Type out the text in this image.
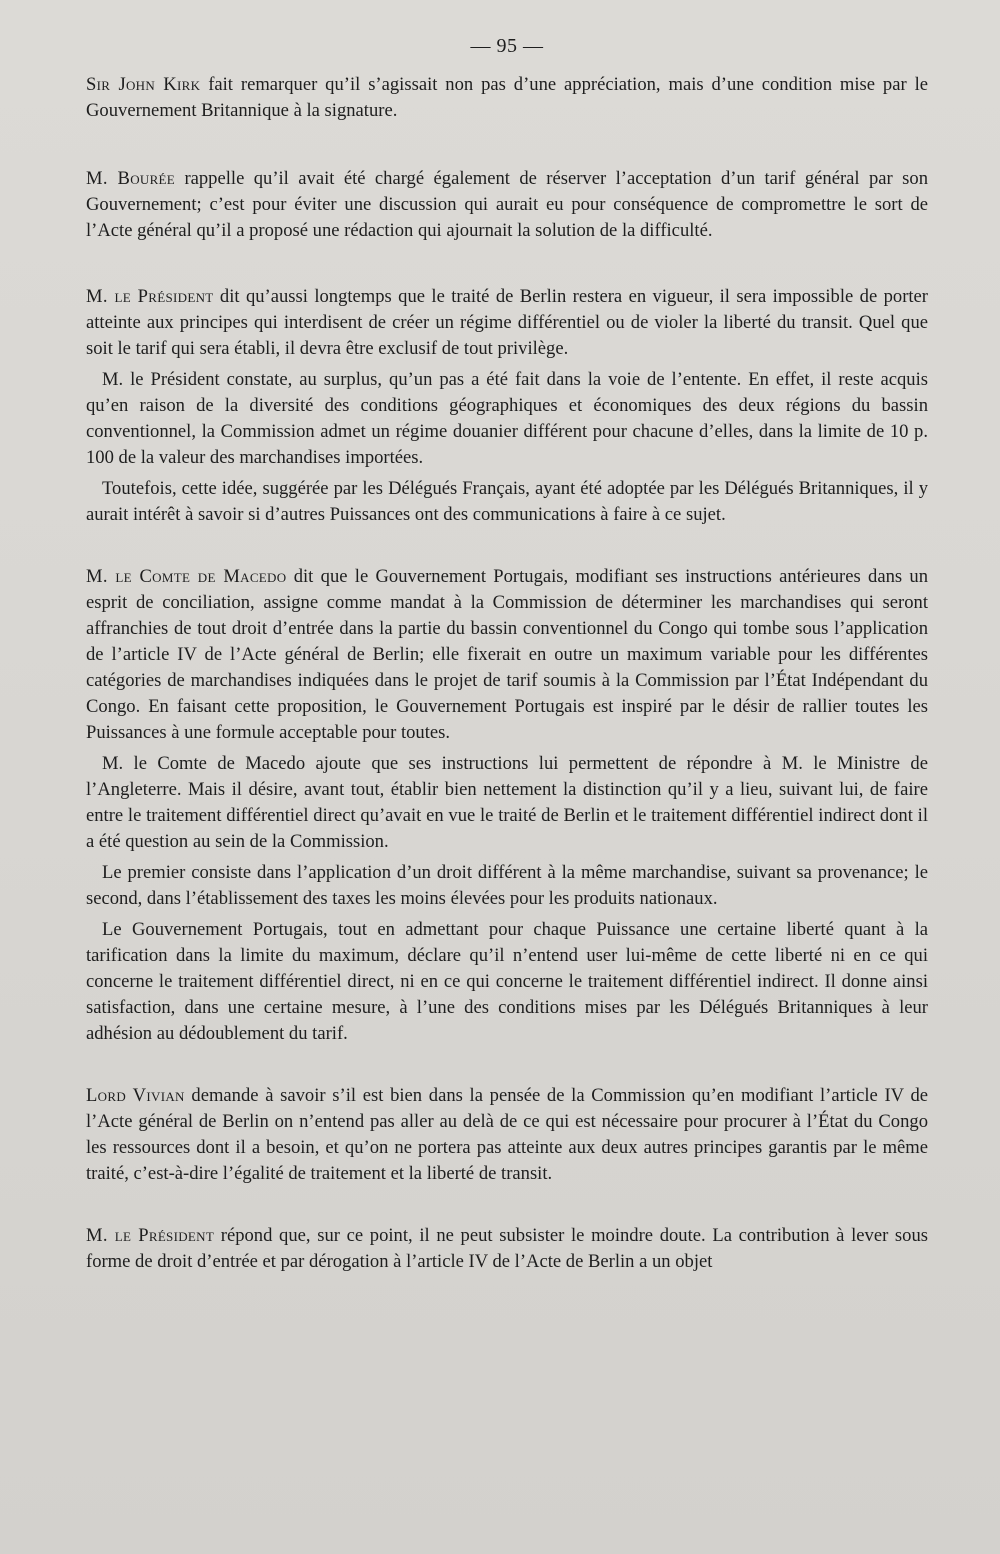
— 95 —

Sir John Kirk fait remarquer qu’il s’agissait non pas d’une appréciation, mais d’une condition mise par le Gouvernement Britannique à la signature.

M. Bourée rappelle qu’il avait été chargé également de réserver l’acceptation d’un tarif général par son Gouvernement; c’est pour éviter une discussion qui aurait eu pour conséquence de compromettre le sort de l’Acte général qu’il a proposé une rédaction qui ajournait la solution de la difficulté.

M. le Président dit qu’aussi longtemps que le traité de Berlin restera en vigueur, il sera impossible de porter atteinte aux principes qui interdisent de créer un régime différentiel ou de violer la liberté du transit. Quel que soit le tarif qui sera établi, il devra être exclusif de tout privilège.

M. le Président constate, au surplus, qu’un pas a été fait dans la voie de l’entente. En effet, il reste acquis qu’en raison de la diversité des conditions géographiques et économiques des deux régions du bassin conventionnel, la Commission admet un régime douanier différent pour chacune d’elles, dans la limite de 10 p. 100 de la valeur des marchandises importées.

Toutefois, cette idée, suggérée par les Délégués Français, ayant été adoptée par les Délégués Britanniques, il y aurait intérêt à savoir si d’autres Puissances ont des communications à faire à ce sujet.

M. le Comte de Macedo dit que le Gouvernement Portugais, modifiant ses instructions antérieures dans un esprit de conciliation, assigne comme mandat à la Commission de déterminer les marchandises qui seront affranchies de tout droit d’entrée dans la partie du bassin conventionnel du Congo qui tombe sous l’application de l’article IV de l’Acte général de Berlin; elle fixerait en outre un maximum variable pour les différentes catégories de marchandises indiquées dans le projet de tarif soumis à la Commission par l’État Indépendant du Congo. En faisant cette proposition, le Gouvernement Portugais est inspiré par le désir de rallier toutes les Puissances à une formule acceptable pour toutes.

M. le Comte de Macedo ajoute que ses instructions lui permettent de répondre à M. le Ministre de l’Angleterre. Mais il désire, avant tout, établir bien nettement la distinction qu’il y a lieu, suivant lui, de faire entre le traitement différentiel direct qu’avait en vue le traité de Berlin et le traitement différentiel indirect dont il a été question au sein de la Commission.

Le premier consiste dans l’application d’un droit différent à la même marchandise, suivant sa provenance; le second, dans l’établissement des taxes les moins élevées pour les produits nationaux.

Le Gouvernement Portugais, tout en admettant pour chaque Puissance une certaine liberté quant à la tarification dans la limite du maximum, déclare qu’il n’entend user lui-même de cette liberté ni en ce qui concerne le traitement différentiel direct, ni en ce qui concerne le traitement différentiel indirect. Il donne ainsi satisfaction, dans une certaine mesure, à l’une des conditions mises par les Délégués Britanniques à leur adhésion au dédoublement du tarif.

Lord Vivian demande à savoir s’il est bien dans la pensée de la Commission qu’en modifiant l’article IV de l’Acte général de Berlin on n’entend pas aller au delà de ce qui est nécessaire pour procurer à l’État du Congo les ressources dont il a besoin, et qu’on ne portera pas atteinte aux deux autres principes garantis par le même traité, c’est-à-dire l’égalité de traitement et la liberté de transit.

M. le Président répond que, sur ce point, il ne peut subsister le moindre doute. La contribution à lever sous forme de droit d’entrée et par dérogation à l’article IV de l’Acte de Berlin a un objet
